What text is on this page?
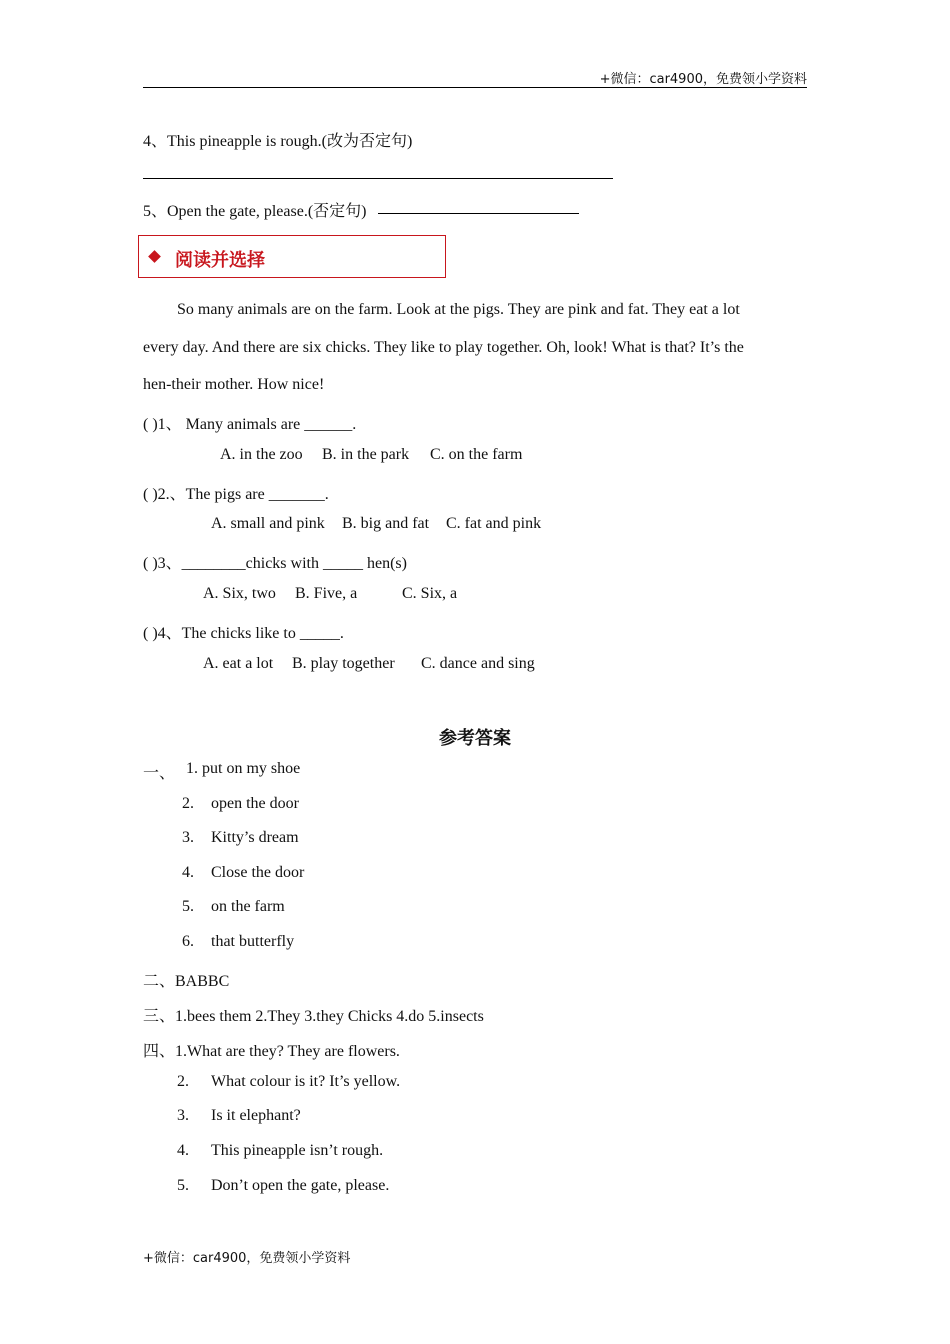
+微信：car4900，免费领小学资料
4、This pineapple is rough.(改为否定句)
5、Open the gate, please.(否定句)
阅读并选择
So many animals are on the farm. Look at the pigs. They are pink and fat. They eat a lot
every day. And there are six chicks. They like to play together. Oh, look! What is that? It’s the
hen-their mother. How nice!
( )1、 Many animals are ______.
A. in the zoo B. in the park C. on the farm
( )2.、The pigs are _______.
A. small and pink B. big and fat C. fat and pink
( )3、________chicks with _____ hen(s)
A. Six, two B. Five, a	C. Six, a
( )4、The chicks like to _____.
A. eat a lot B. play together C. dance and sing
参考答案
一、 1. put on my shoe
2. open the door
3. Kitty’s dream
4. Close the door
5. on the farm
6. that butterfly
二、BABBC
三、1.bees them 2.They 3.they Chicks 4.do 5.insects
四、1.What are they? They are flowers.
2. What colour is it? It’s yellow.
3. Is it elephant?
4. This pineapple isn’t rough.
5. Don’t open the gate, please.
+微信：car4900，免费领小学资料
